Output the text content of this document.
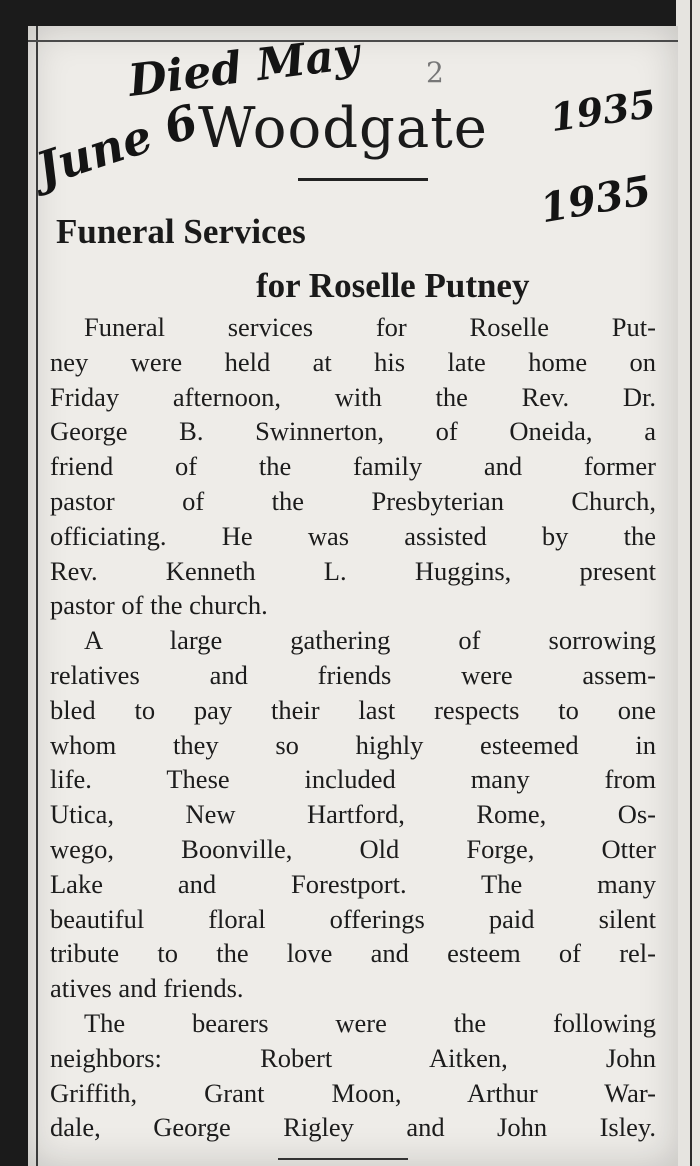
2
Died May
June 6	1935
1935
Woodgate
Funeral Services
for Roselle Putney
Funeral services for Roselle Put-
ney were held at his late home on
Friday afternoon, with the Rev. Dr.
George B. Swinnerton, of Oneida, a
friend of the family and former
pastor of the Presbyterian Church,
officiating. He was assisted by the
Rev. Kenneth L. Huggins, present
pastor of the church.
A large gathering of sorrowing
relatives and friends were assem-
bled to pay their last respects to one
whom they so highly esteemed in
life. These included many from
Utica, New Hartford, Rome, Os-
wego, Boonville, Old Forge, Otter
Lake and Forestport. The many
beautiful floral offerings paid silent
tribute to the love and esteem of rel-
atives and friends.
The bearers were the following
neighbors: Robert Aitken, John
Griffith, Grant Moon, Arthur War-
dale, George Rigley and John Isley.
